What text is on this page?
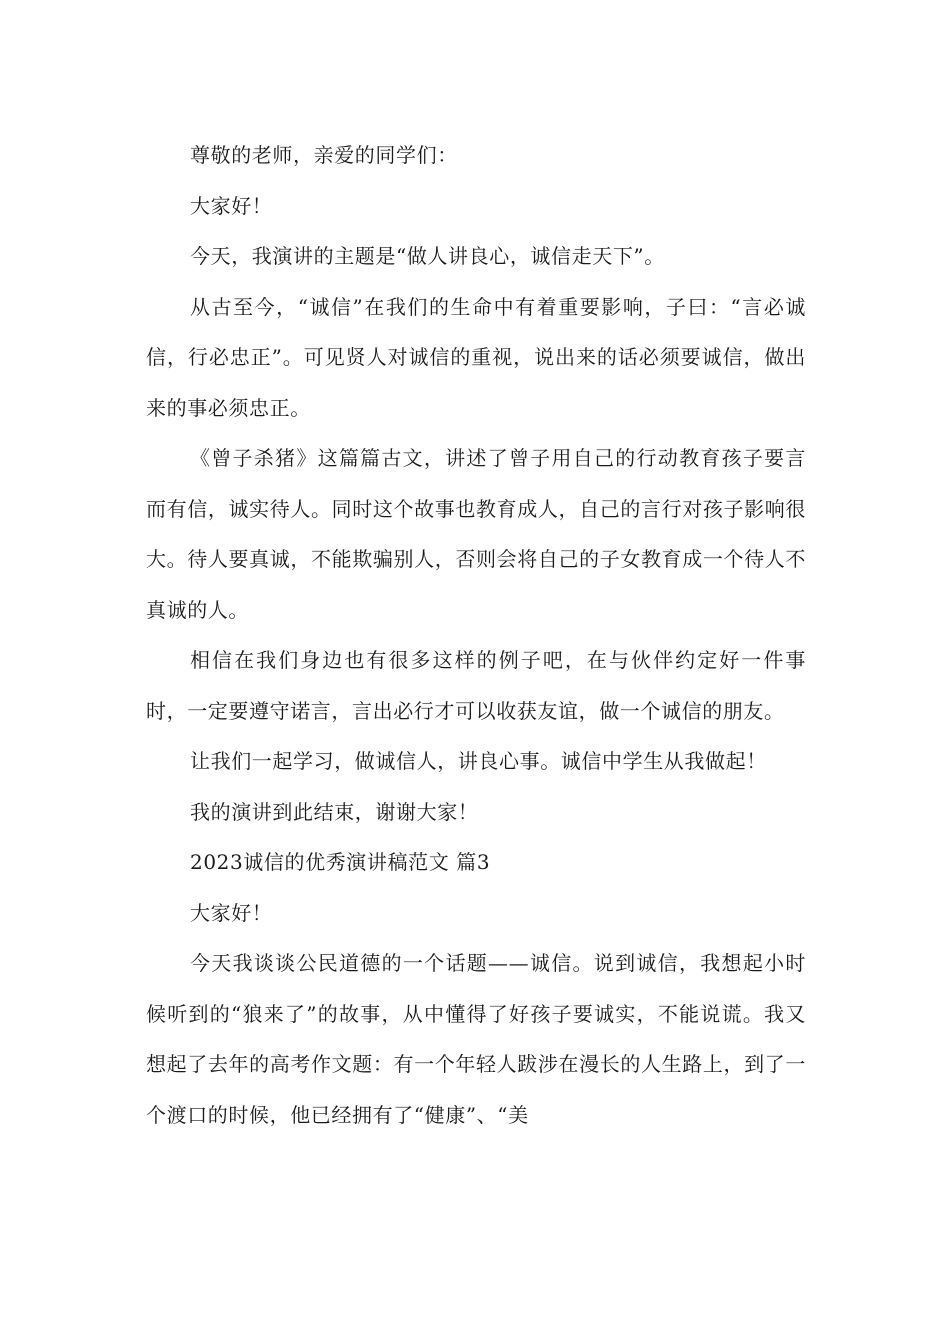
尊敬的老师，亲爱的同学们：

大家好！

今天，我演讲的主题是“做人讲良心，诚信走天下”。

从古至今，“诚信”在我们的生命中有着重要影响，子曰：“言必诚信，行必忠正”。可见贤人对诚信的重视，说出来的话必须要诚信，做出来的事必须忠正。

《曾子杀猪》这篇篇古文，讲述了曾子用自己的行动教育孩子要言而有信，诚实待人。同时这个故事也教育成人，自己的言行对孩子影响很大。待人要真诚，不能欺骗别人，否则会将自己的子女教育成一个待人不真诚的人。

相信在我们身边也有很多这样的例子吧，在与伙伴约定好一件事时，一定要遵守诺言，言出必行才可以收获友谊，做一个诚信的朋友。

让我们一起学习，做诚信人，讲良心事。诚信中学生从我做起！

我的演讲到此结束，谢谢大家！

2023诚信的优秀演讲稿范文 篇3

大家好！

今天我谈谈公民道德的一个话题——诚信。说到诚信，我想起小时候听到的“狼来了”的故事，从中懂得了好孩子要诚实，不能说谎。我又想起了去年的高考作文题：有一个年轻人跋涉在漫长的人生路上，到了一个渡口的时候，他已经拥有了“健康”、“美
